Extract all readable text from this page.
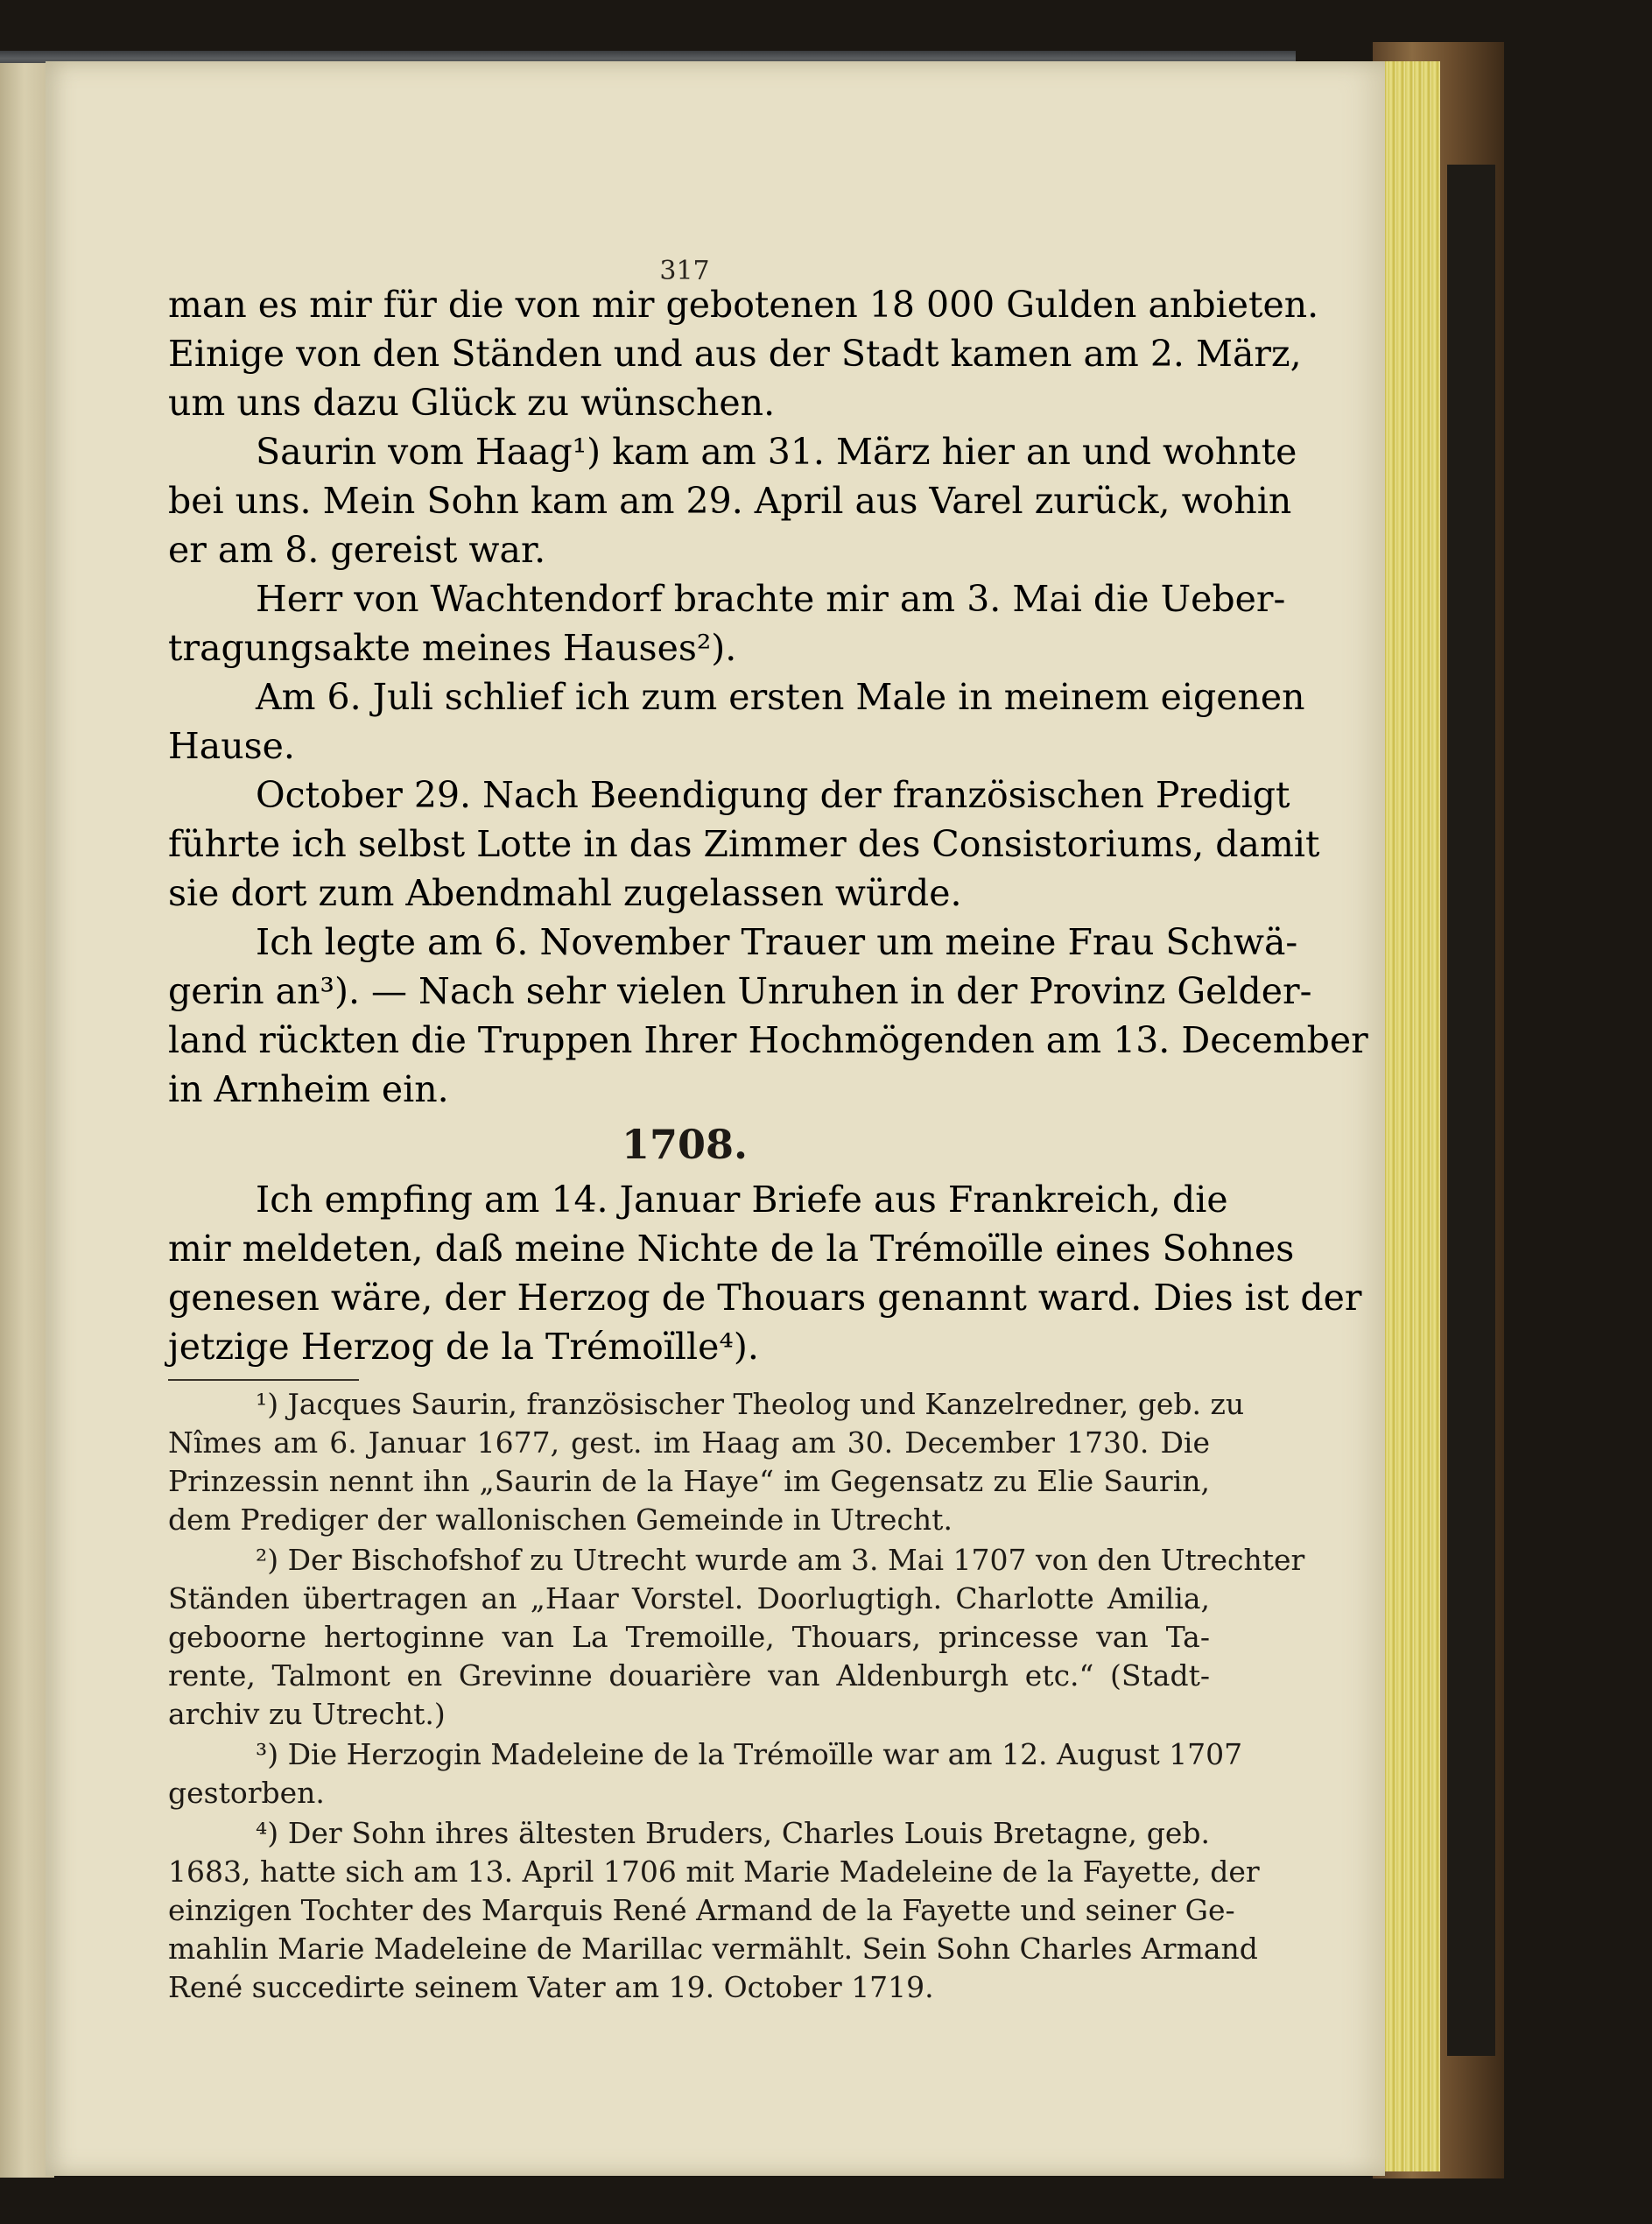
317
man es mir für die von mir gebotenen 18 000 Gulden anbieten.
Einige von den Ständen und aus der Stadt kamen am 2. März,
um uns dazu Glück zu wünschen.
Saurin vom Haag¹) kam am 31. März hier an und wohnte
bei uns. Mein Sohn kam am 29. April aus Varel zurück, wohin
er am 8. gereist war.
Herr von Wachtendorf brachte mir am 3. Mai die Ueber-
tragungsakte meines Hauses²).
Am 6. Juli schlief ich zum ersten Male in meinem eigenen
Hause.
October 29. Nach Beendigung der französischen Predigt
führte ich selbst Lotte in das Zimmer des Consistoriums, damit
sie dort zum Abendmahl zugelassen würde.
Ich legte am 6. November Trauer um meine Frau Schwä-
gerin an³). — Nach sehr vielen Unruhen in der Provinz Gelder-
land rückten die Truppen Ihrer Hochmögenden am 13. December
in Arnheim ein.
1708.
Ich empfing am 14. Januar Briefe aus Frankreich, die
mir meldeten, daß meine Nichte de la Trémoïlle eines Sohnes
genesen wäre, der Herzog de Thouars genannt ward. Dies ist der
jetzige Herzog de la Trémoïlle⁴).
¹) Jacques Saurin, französischer Theolog und Kanzelredner, geb. zu
Nîmes am 6. Januar 1677, gest. im Haag am 30. December 1730. Die
Prinzessin nennt ihn „Saurin de la Haye“ im Gegensatz zu Elie Saurin,
dem Prediger der wallonischen Gemeinde in Utrecht.
²) Der Bischofshof zu Utrecht wurde am 3. Mai 1707 von den Utrechter
Ständen übertragen an „Haar Vorstel. Doorlugtigh. Charlotte Amilia,
geboorne hertoginne van La Tremoille, Thouars, princesse van Ta-
rente, Talmont en Grevinne douarière van Aldenburgh etc.“ (Stadt-
archiv zu Utrecht.)
³) Die Herzogin Madeleine de la Trémoïlle war am 12. August 1707
gestorben.
⁴) Der Sohn ihres ältesten Bruders, Charles Louis Bretagne, geb.
1683, hatte sich am 13. April 1706 mit Marie Madeleine de la Fayette, der
einzigen Tochter des Marquis René Armand de la Fayette und seiner Ge-
mahlin Marie Madeleine de Marillac vermählt. Sein Sohn Charles Armand
René succedirte seinem Vater am 19. October 1719.
